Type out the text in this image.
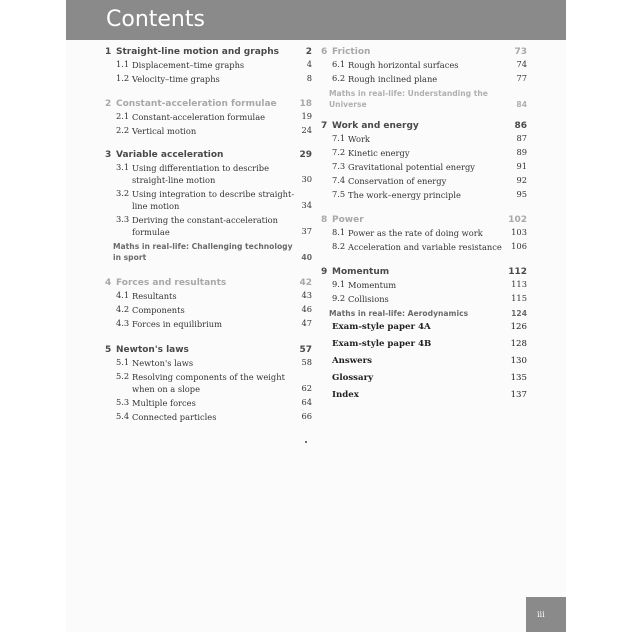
Contents
1 Straight-line motion and graphs	2
1.1 Displacement–time graphs	4
1.2 Velocity–time graphs	8
2 Constant-acceleration formulae	18
2.1 Constant-acceleration formulae	19
2.2 Vertical motion	24
3 Variable acceleration	29
3.1 Using differentiation to describe
straight-line motion	30
3.2 Using integration to describe straight-
line motion	34
3.3 Deriving the constant-acceleration
formulae	37
Maths in real-life: Challenging technology
in sport	40
4 Forces and resultants	42
4.1 Resultants	43
4.2 Components	46
4.3 Forces in equilibrium	47
5 Newton's laws	57
5.1 Newton's laws	58
5.2 Resolving components of the weight
when on a slope	62
5.3 Multiple forces	64
5.4 Connected particles	66
6 Friction	73
6.1 Rough horizontal surfaces	74
6.2 Rough inclined plane	77
Maths in real-life: Understanding the
Universe	84
7 Work and energy	86
7.1 Work	87
7.2 Kinetic energy	89
7.3 Gravitational potential energy	91
7.4 Conservation of energy	92
7.5 The work–energy principle	95
8 Power	102
8.1 Power as the rate of doing work	103
8.2 Acceleration and variable resistance 106
9 Momentum	112
9.1 Momentum	113
9.2 Collisions	115
Maths in real-life: Aerodynamics	124
Exam-style paper 4A	126
Exam-style paper 4B	128
Answers	130
Glossary	135
Index	137
iii
